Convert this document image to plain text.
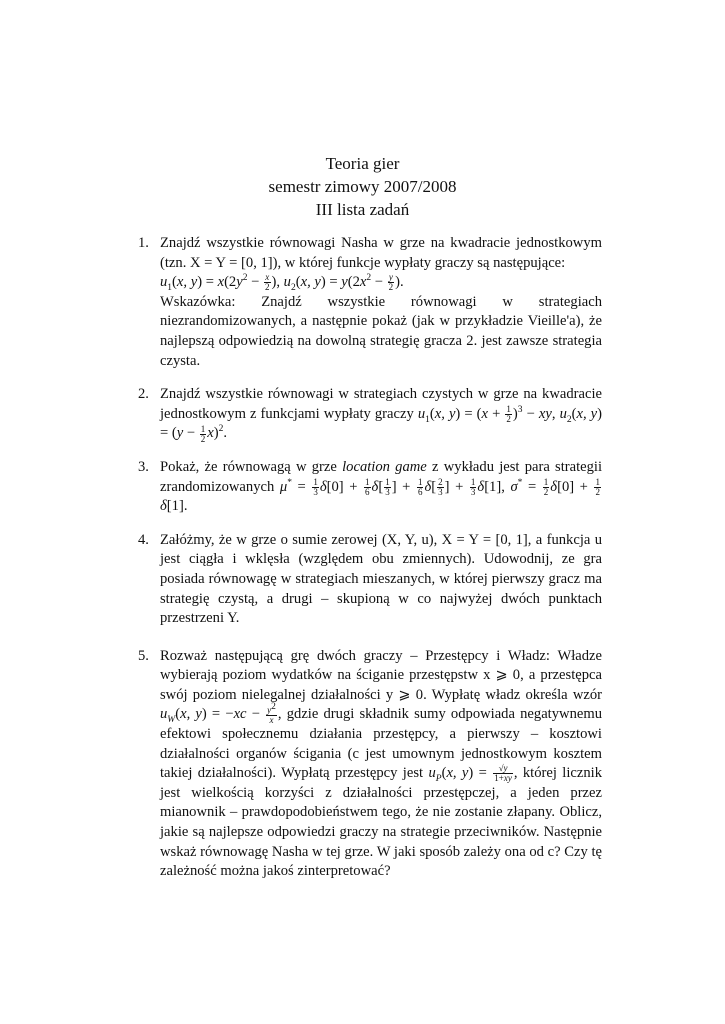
Teoria gier
semestr zimowy 2007/2008
III lista zadań
1. Znajdź wszystkie równowagi Nasha w grze na kwadracie jednostkowym (tzn. X = Y = [0, 1]), w której funkcje wypłaty graczy są następujące:
$u_1(x$, $y) = x(2y^2 - \frac{x}{2}$ ), $u_2(x$, $y) = y(2x^2 - \frac{y}{2}$ ).
Wskazówka: Znajdź wszystkie równowagi w strategiach niezrandomizowanych, a następnie pokaż (jak w przykładzie Vieille'a), że najlepszą odpowiedzią na dowolną strategię gracza 2. jest zawsze strategia czysta.
2. Znajdź wszystkie równowagi w strategiach czystych w grze na kwadracie jednostkowym z funkcjami wypłaty graczy $u_1(x$, $y) = (x + \frac{1}{2} )^3$ − xy, $u_2(x$, $y) = (y - \frac{1}{2} x)^2$.
3. Pokaż, że równowagą w grze location game z wykładu jest para strategii zrandomizowanych $\mu^* = \frac{1}{3} \delta[0] + \frac{1}{6} \delta[ \frac{1}{3}$ ] + $\frac{1}{6} \delta[ \frac{2}{3}$ ] + $\frac{1}{3} \delta[1]$, $\sigma^* = \frac{1}{2} \delta[0] + \frac{1}{2}$
δ[1].
4. Załóżmy, że w grze o sumie zerowej (X, Y, u), X = Y = [0, 1], a funkcja u jest ciągła i wklęsła (względem obu zmiennych). Udowodnij, ze gra posiada równowagę w strategiach mieszanych, w której pierwszy gracz ma strategię czystą, a drugi – skupioną w co najwyżej dwóch punktach przestrzeni Y.
5. Rozważ następującą grę dwóch graczy – Przestępcy i Władz: Władze wybierają poziom wydatków na ściganie przestępstw x ⩾ 0, a przestępca swój poziom nielegalnej działalności y ⩾ 0. Wypłatę władz określa wzór $u_W(x$, $y) = -xc - \frac{y^2}{x}$ , gdzie drugi składnik sumy odpowiada negatywnemu efektowi społecznemu działania przestępcy, a pierwszy – kosztowi działalności organów ścigania (c jest umownym jednostkowym kosztem takiej działalności). Wypłatą przestępcy jest $u_P(x$, $y) = \frac{√y}{1+xy}$ , której licznik jest wielkością korzyści z działalności przestępczej, a jeden przez mianownik – prawdopodobieństwem tego, że nie zostanie złapany. Oblicz, jakie są najlepsze odpowiedzi graczy na strategie przeciwników. Następnie wskaż równowagę Nasha w tej grze. W jaki sposób zależy ona od c? Czy tę zależność można jakoś zinterpretować?
